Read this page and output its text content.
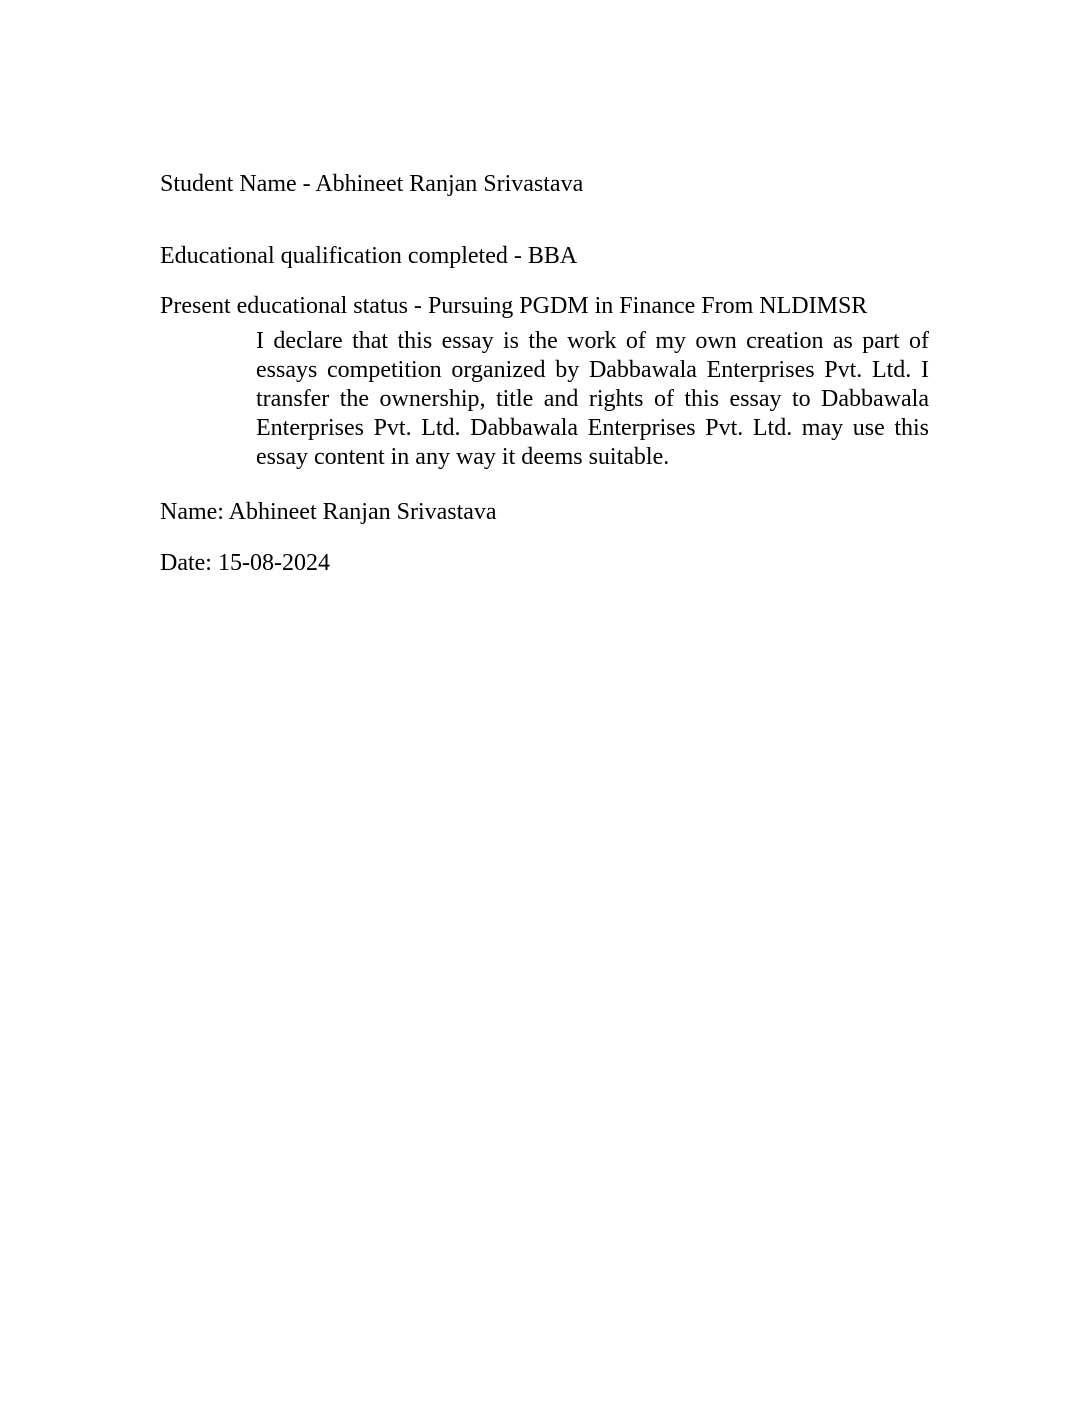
Student Name - Abhineet Ranjan Srivastava

Educational qualification completed - BBA

Present educational status - Pursuing PGDM in Finance From NLDIMSR

I declare that this essay is the work of my own creation as part of
essays competition organized by Dabbawala Enterprises Pvt. Ltd. I
transfer the ownership, title and rights of this essay to Dabbawala
Enterprises Pvt. Ltd. Dabbawala Enterprises Pvt. Ltd. may use this
essay content in any way it deems suitable.

Name: Abhineet Ranjan Srivastava

Date: 15-08-2024
